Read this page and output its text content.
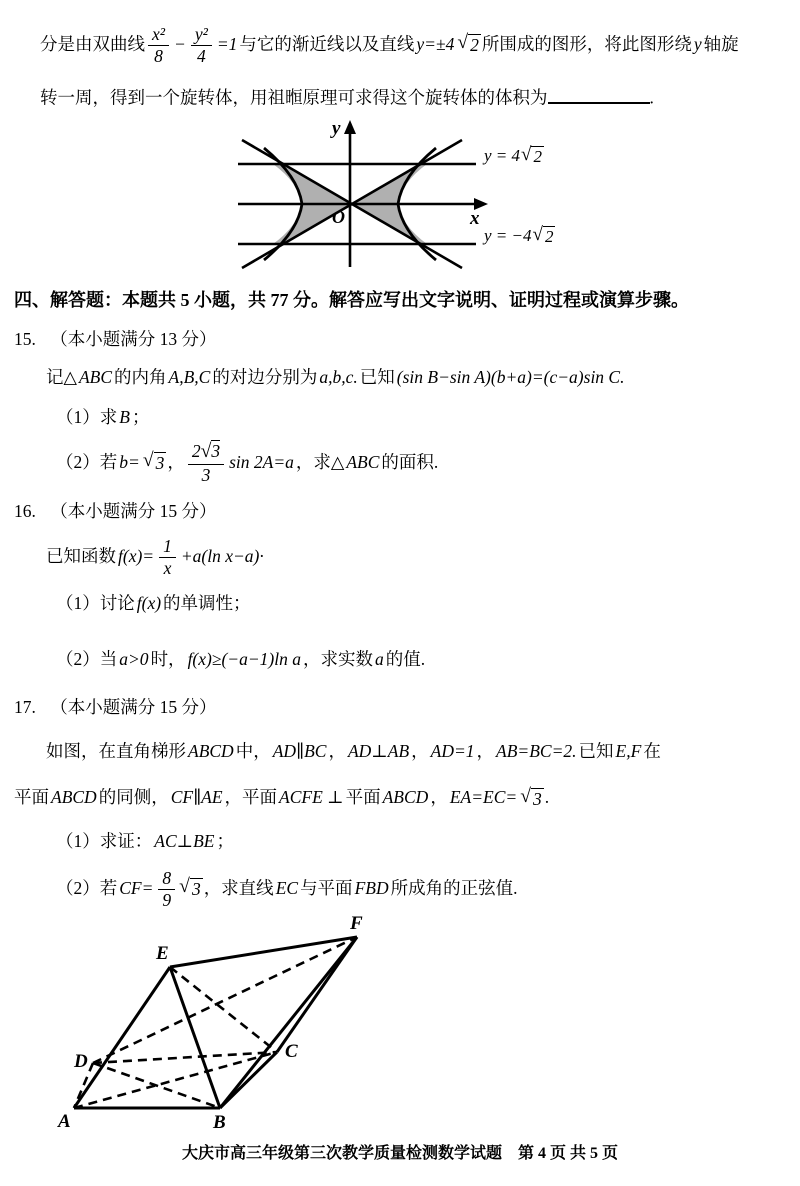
分是由双曲线 $\frac{\text{x²}}{8} - \frac{\text{y²}}{4} =1$ 与它的渐近线以及直线 y=±4 √ 2 所围成的图形，将此图形绕 y 轴旋
转一周，得到一个旋转体，用祖暅原理可求得这个旋转体的体积为	.
y
x
O
y = 4 √ 2
y = −4 √ 2
四、解答题：本题共 5 小题，共 77 分。解答应写出文字说明、证明过程或演算步骤。
15. （本小题满分 13 分）
记△ ABC 的内角 A,B,C 的对边分别为 a,b,c. 已知 (sin B−sin A)(b+a)=(c−a)sin C.
（1）求 B ；
（2）若 b= √ 3 ， $\frac{2√3}{3}$ sin 2A=a ，求△ ABC 的面积.
16. （本小题满分 15 分）
已知函数 $f(x)= \frac{1}{x} +a(\ln$ x−a)·
（1）讨论 f(x) 的单调性；
（2）当 a>0 时， f(x)≥(−a−1)ln a ，求实数 a 的值.
17. （本小题满分 15 分）
如图，在直角梯形 ABCD 中， AD∥BC ， AD⊥AB ， AD=1 ， AB=BC=2. 已知 E,F 在
平面 ABCD 的同侧， CF∥AE ，平面 ACFE ⊥ 平面 ABCD ， EA=EC= √ 3 .
（1）求证： AC⊥BE ；
（2）若 $CF= \frac{8}{9}$ √ 3 ，求直线 EC 与平面 FBD 所成角的正弦值.
A	B
C
D
E
F
大庆市高三年级第三次教学质量检测数学试题　第 4 页 共 5 页
